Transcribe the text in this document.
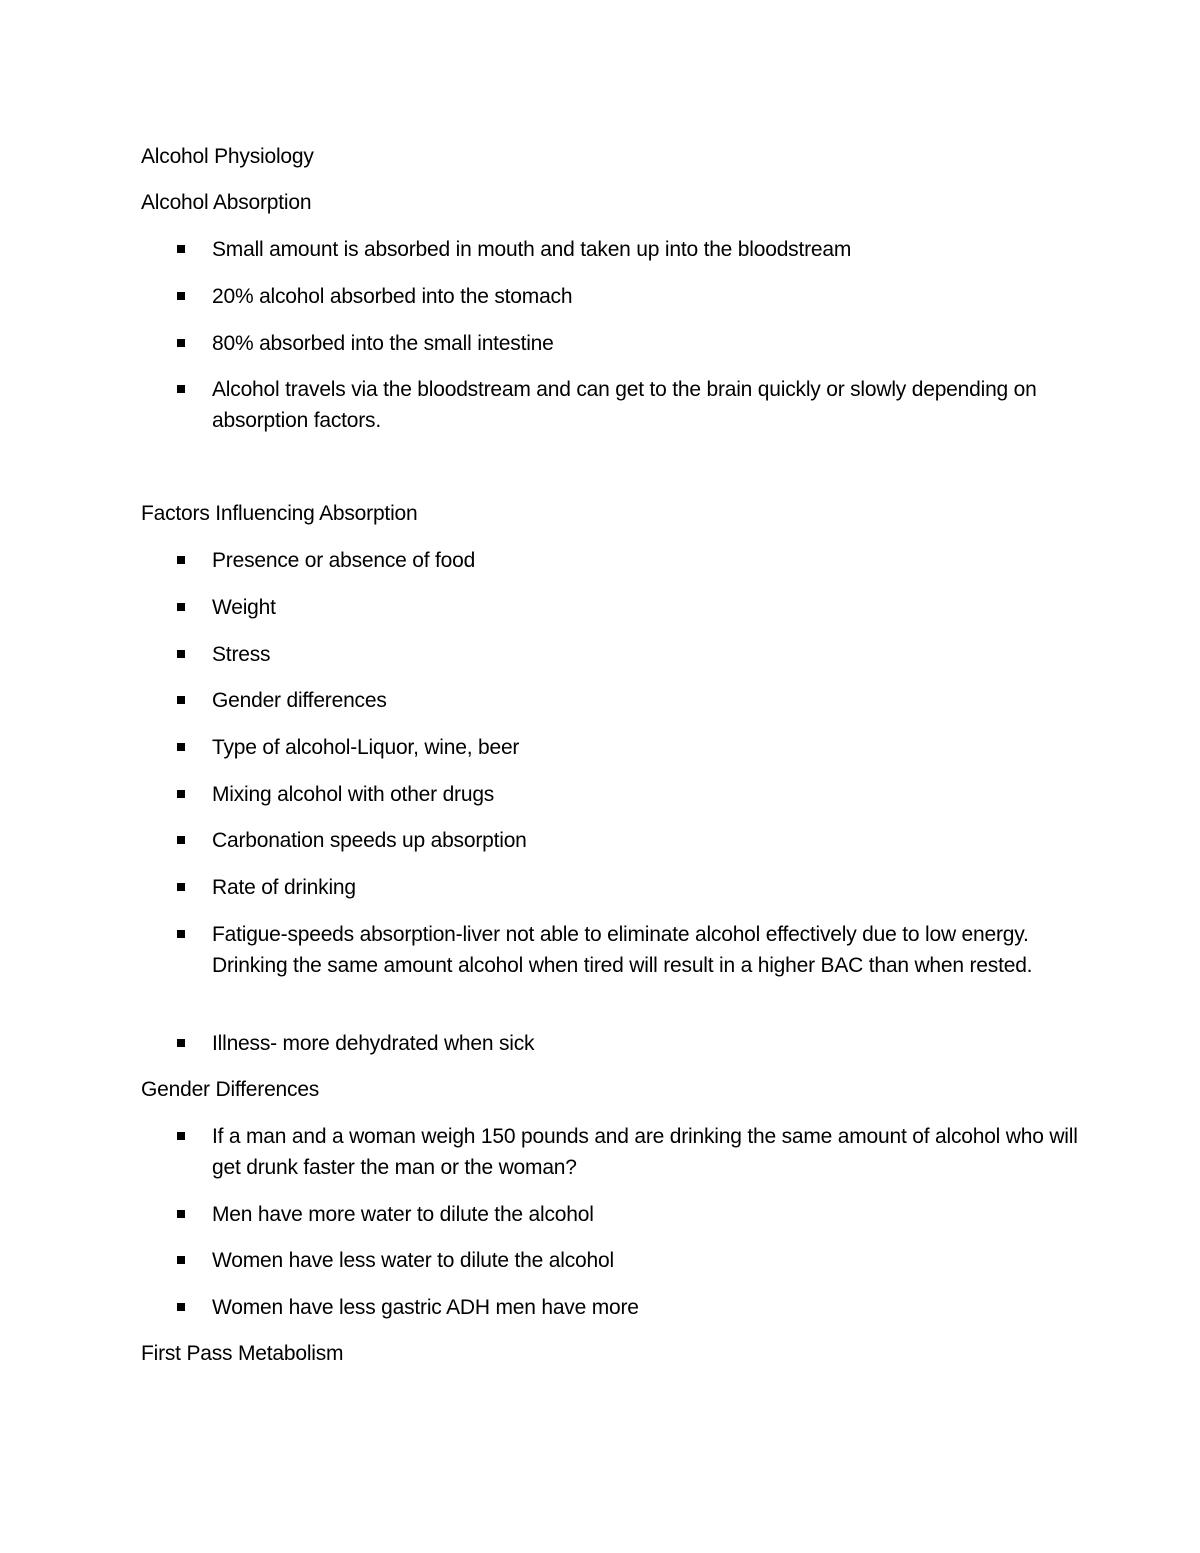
Alcohol Physiology
Alcohol Absorption
Small amount is absorbed in mouth and taken up into the bloodstream
20% alcohol absorbed into the stomach
80% absorbed into the small intestine
Alcohol travels via the bloodstream and can get to the brain quickly or slowly depending on absorption factors.
Factors Influencing Absorption
Presence or absence of food
Weight
Stress
Gender differences
Type of alcohol-Liquor, wine, beer
Mixing alcohol with other drugs
Carbonation speeds up absorption
Rate of drinking
Fatigue-speeds absorption-liver not able to eliminate alcohol effectively due to low energy. Drinking the same amount alcohol when tired will result in a higher BAC than when rested.
Illness- more dehydrated when sick
Gender Differences
If a man and a woman weigh 150 pounds and are drinking the same amount of alcohol who will get drunk faster the man or the woman?
Men have more water to dilute the alcohol
Women have less water to dilute the alcohol
Women have less gastric ADH men have more
First Pass Metabolism
